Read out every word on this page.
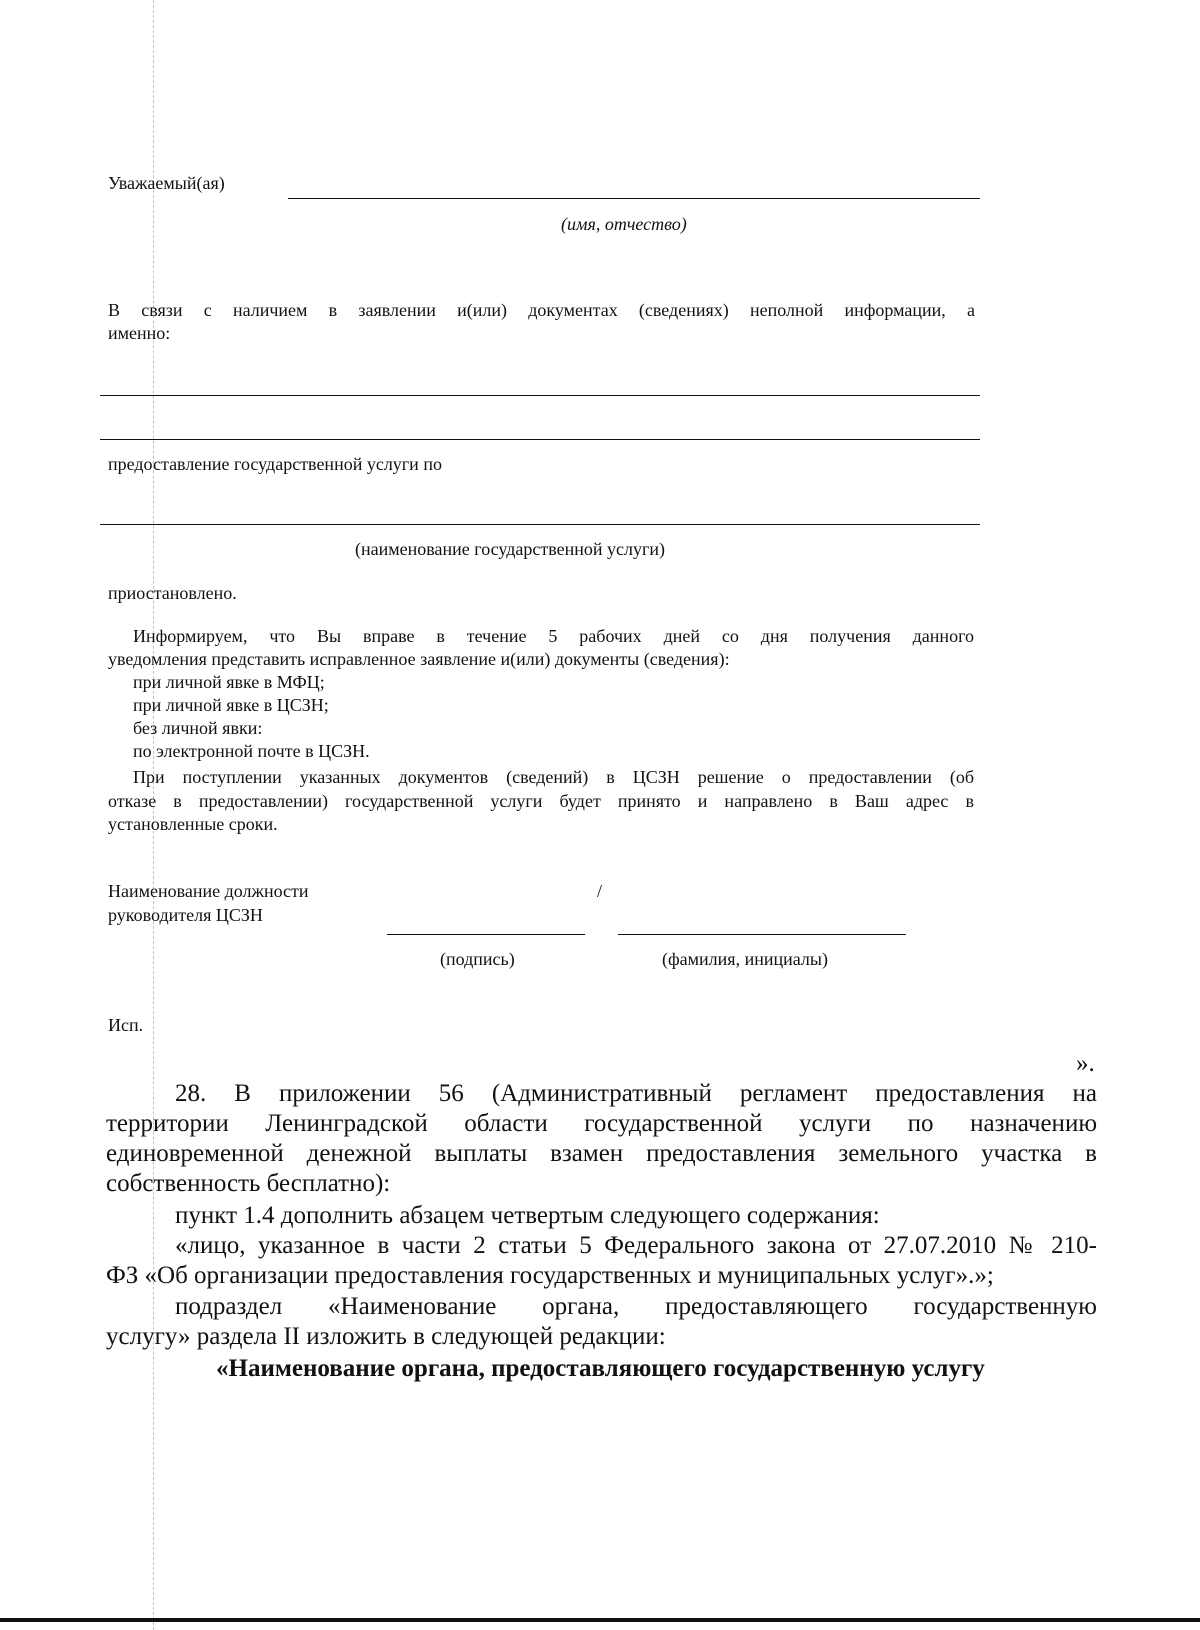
Уважаемый(ая)
(имя, отчество)
В связи с наличием в заявлении и(или) документах (сведениях) неполной информации, а
именно:
предоставление государственной услуги по
(наименование государственной услуги)
приостановлено.
Информируем, что Вы вправе в течение 5 рабочих дней со дня получения данного
уведомления представить исправленное заявление и(или) документы (сведения):
при личной явке в МФЦ;
при личной явке в ЦСЗН;
без личной явки:
по электронной почте в ЦСЗН.
При поступлении указанных документов (сведений) в ЦСЗН решение о предоставлении (об
отказе в предоставлении) государственной услуги будет принято и направлено в Ваш адрес в
установленные сроки.
Наименование должности
руководителя ЦСЗН
/
(подпись)	(фамилия, инициалы)
Исп.
».
28. В приложении 56 (Административный регламент предоставления на
территории Ленинградской области государственной услуги по назначению
единовременной денежной выплаты взамен предоставления земельного участка в
собственность бесплатно):
пункт 1.4 дополнить абзацем четвертым следующего содержания:
«лицо, указанное в части 2 статьи 5 Федерального закона от 27.07.2010 № 210-
ФЗ «Об организации предоставления государственных и муниципальных услуг».»;
подраздел «Наименование органа, предоставляющего государственную
услугу» раздела II изложить в следующей редакции:
«Наименование органа, предоставляющего государственную услугу
